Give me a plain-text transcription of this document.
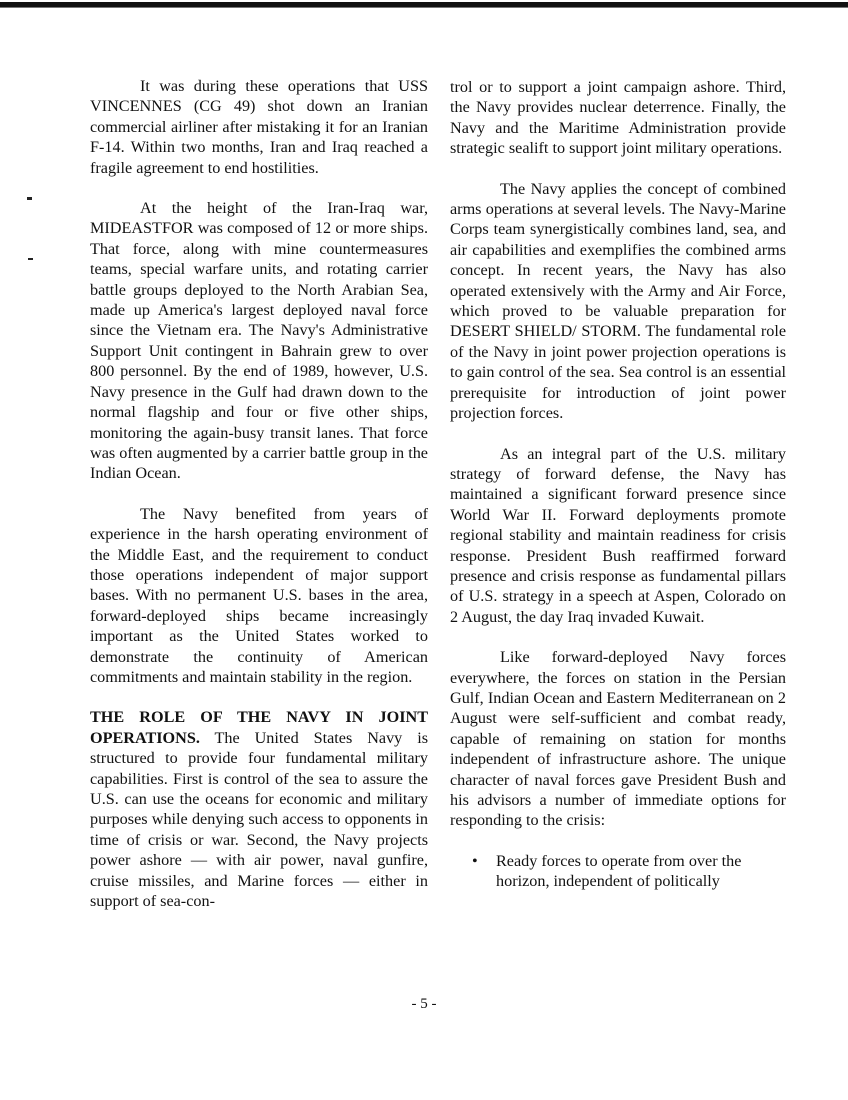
It was during these operations that USS VINCENNES (CG 49) shot down an Iranian commercial airliner after mistaking it for an Iranian F-14. Within two months, Iran and Iraq reached a fragile agreement to end hostilities.

At the height of the Iran-Iraq war, MIDEASTFOR was composed of 12 or more ships. That force, along with mine countermeasures teams, special warfare units, and rotating carrier battle groups deployed to the North Arabian Sea, made up America's largest deployed naval force since the Vietnam era. The Navy's Administrative Support Unit contingent in Bahrain grew to over 800 personnel. By the end of 1989, however, U.S. Navy presence in the Gulf had drawn down to the normal flagship and four or five other ships, monitoring the again-busy transit lanes. That force was often augmented by a carrier battle group in the Indian Ocean.

The Navy benefited from years of experience in the harsh operating environment of the Middle East, and the requirement to conduct those operations independent of major support bases. With no permanent U.S. bases in the area, forward-deployed ships became increasingly important as the United States worked to demonstrate the continuity of American commitments and maintain stability in the region.

THE ROLE OF THE NAVY IN JOINT OPERATIONS. The United States Navy is structured to provide four fundamental military capabilities. First is control of the sea to assure the U.S. can use the oceans for economic and military purposes while denying such access to opponents in time of crisis or war. Second, the Navy projects power ashore — with air power, naval gunfire, cruise missiles, and Marine forces — either in support of sea-con-

trol or to support a joint campaign ashore. Third, the Navy provides nuclear deterrence. Finally, the Navy and the Maritime Administration provide strategic sealift to support joint military operations.

The Navy applies the concept of combined arms operations at several levels. The Navy-Marine Corps team synergistically combines land, sea, and air capabilities and exemplifies the combined arms concept. In recent years, the Navy has also operated extensively with the Army and Air Force, which proved to be valuable preparation for DESERT SHIELD/ STORM. The fundamental role of the Navy in joint power projection operations is to gain control of the sea. Sea control is an essential prerequisite for introduction of joint power projection forces.

As an integral part of the U.S. military strategy of forward defense, the Navy has maintained a significant forward presence since World War II. Forward deployments promote regional stability and maintain readiness for crisis response. President Bush reaffirmed forward presence and crisis response as fundamental pillars of U.S. strategy in a speech at Aspen, Colorado on 2 August, the day Iraq invaded Kuwait.

Like forward-deployed Navy forces everywhere, the forces on station in the Persian Gulf, Indian Ocean and Eastern Mediterranean on 2 August were self-sufficient and combat ready, capable of remaining on station for months independent of infrastructure ashore. The unique character of naval forces gave President Bush and his advisors a number of immediate options for responding to the crisis:

• Ready forces to operate from over the horizon, independent of politically
- 5 -
